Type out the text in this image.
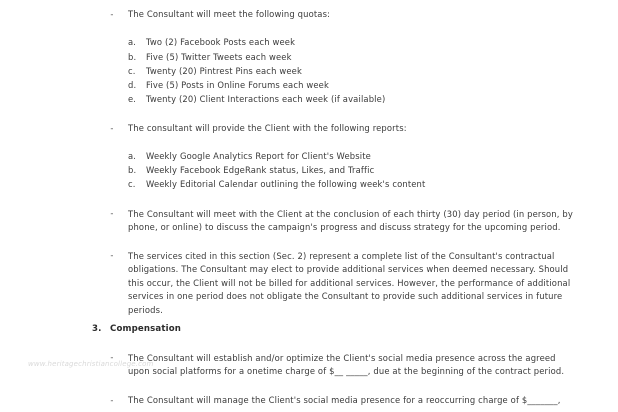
- The Consultant will meet the following quotas:
a. Two (2) Facebook Posts each week
b. Five (5) Twitter Tweets each week
c. Twenty (20) Pintrest Pins each week
d. Five (5) Posts in Online Forums each week
e. Twenty (20) Client Interactions each week (if available)
- The consultant will provide the Client with the following reports:
a. Weekly Google Analytics Report for Client's Website
b. Weekly Facebook EdgeRank status, Likes, and Traffic
c. Weekly Editorial Calendar outlining the following week's content
- The Consultant will meet with the Client at the conclusion of each thirty (30) day period (in person, by
phone, or online) to discuss the campaign's progress and discuss strategy for the upcoming period.
- The services cited in this section (Sec. 2) represent a complete list of the Consultant's contractual
obligations. The Consultant may elect to provide additional services when deemed necessary. Should
this occur, the Client will not be billed for additional services. However, the performance of additional
services in one period does not obligate the Consultant to provide such additional services in future
periods.
3. Compensation
- The Consultant will establish and/or optimize the Client's social media presence across the agreed
upon social platforms for a onetime charge of $__ _____, due at the beginning of the contract period.
www.heritagechristiancollege.com
- The Consultant will manage the Client's social media presence for a reoccurring charge of $_______,
